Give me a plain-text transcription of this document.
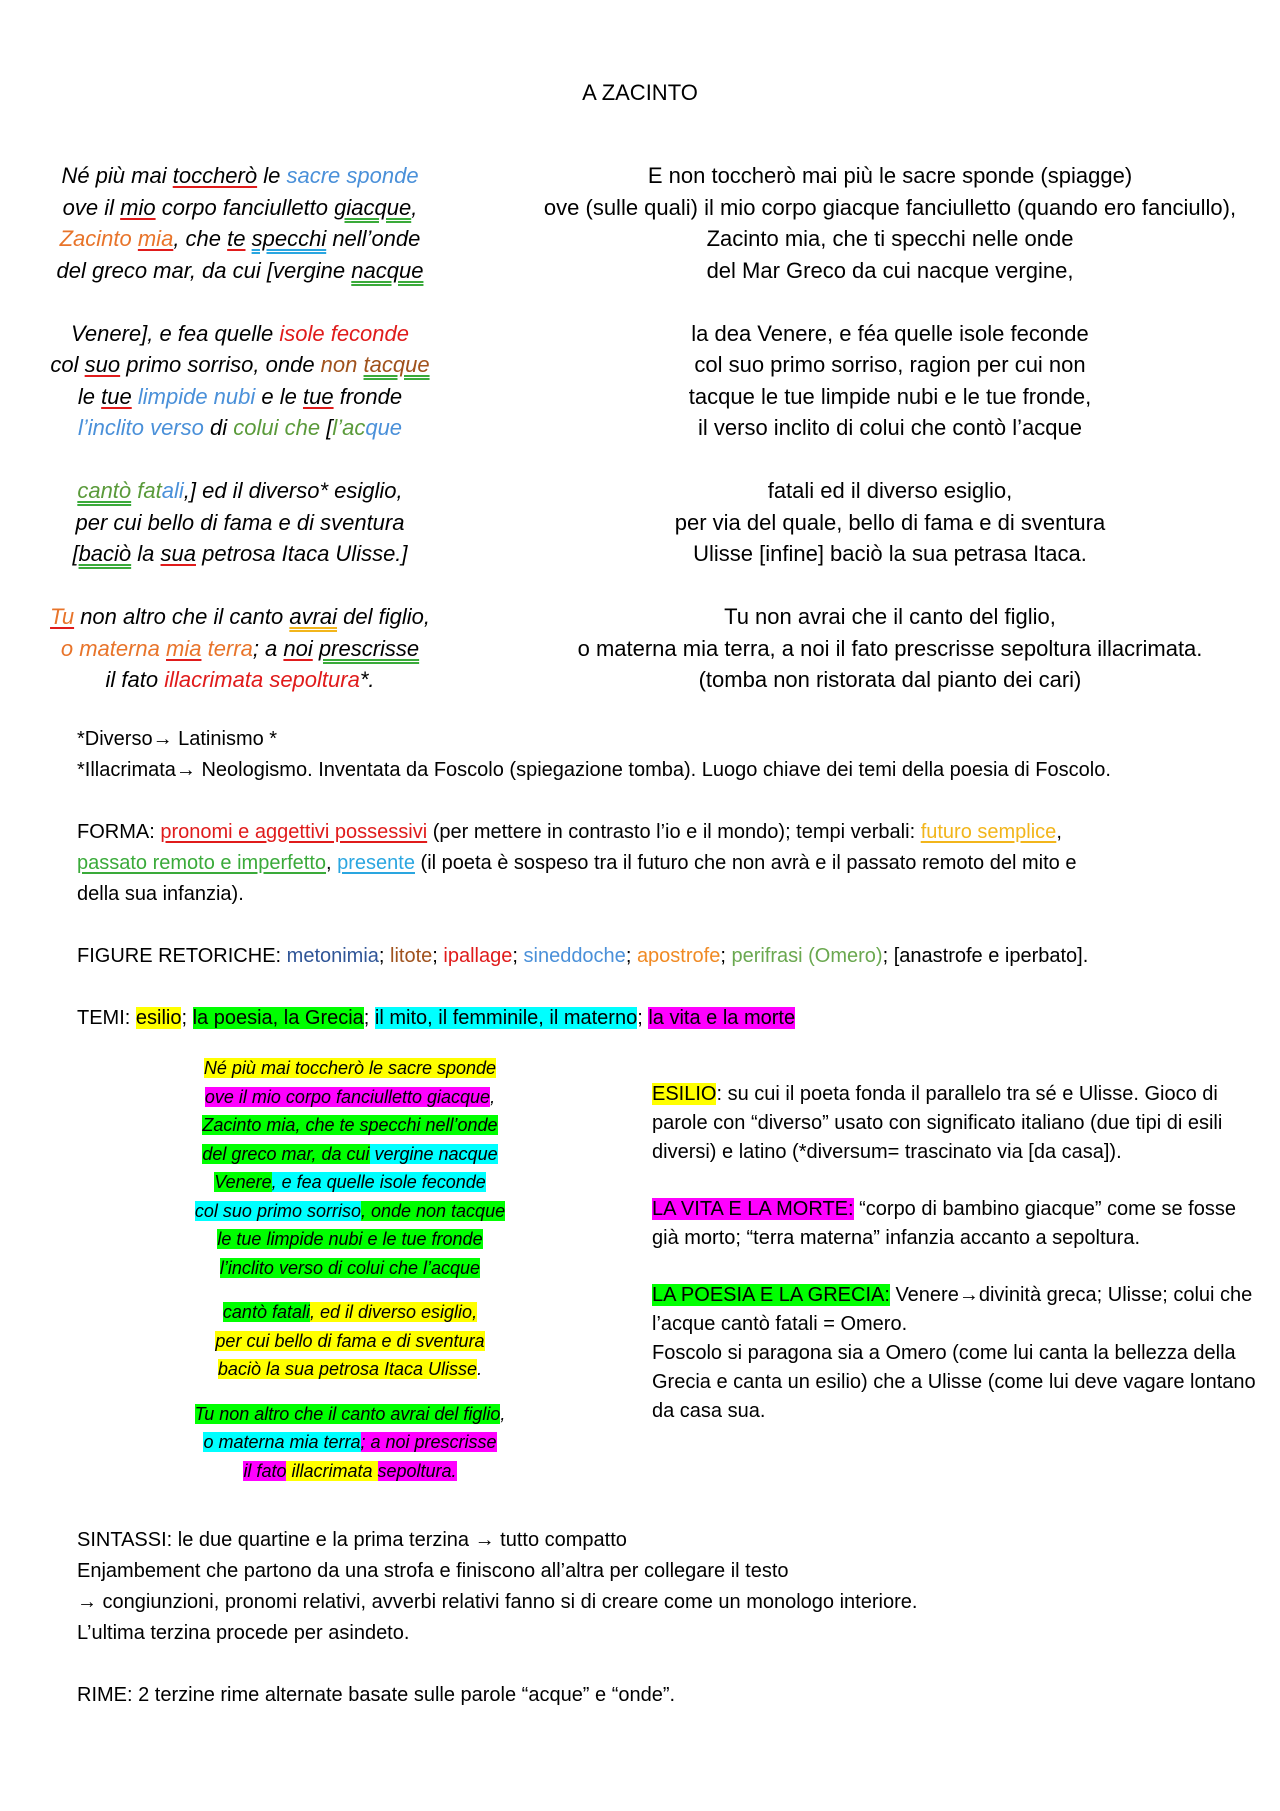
A ZACINTO
Né più mai toccherò le sacre sponde
ove il mio corpo fanciulletto giacque,
Zacinto mia, che te specchi nell’onde
del greco mar, da cui [vergine nacque
Venere], e fea quelle isole feconde
col suo primo sorriso, onde non tacque
le tue limpide nubi e le tue fronde
l’inclito verso di colui che [l’acque
cantò fatali,] ed il diverso* esiglio,
per cui bello di fama e di sventura
[baciò la sua petrosa Itaca Ulisse.]
Tu non altro che il canto avrai del figlio,
o materna mia terra; a noi prescrisse
il fato illacrimata sepoltura*.
E non toccherò mai più le sacre sponde (spiagge)
ove (sulle quali) il mio corpo giacque fanciulletto (quando ero fanciullo),
Zacinto mia, che ti specchi nelle onde
del Mar Greco da cui nacque vergine,
la dea Venere, e féa quelle isole feconde
col suo primo sorriso, ragion per cui non
tacque le tue limpide nubi e le tue fronde,
il verso inclito di colui che contò l’acque
fatali ed il diverso esiglio,
per via del quale, bello di fama e di sventura
Ulisse [infine] baciò la sua petrasa Itaca.
Tu non avrai che il canto del figlio,
o materna mia terra, a noi il fato prescrisse sepoltura illacrimata.
(tomba non ristorata dal pianto dei cari)
*Diverso→ Latinismo *
*Illacrimata→ Neologismo. Inventata da Foscolo (spiegazione tomba). Luogo chiave dei temi della poesia di Foscolo.
FORMA: pronomi e aggettivi possessivi (per mettere in contrasto l’io e il mondo); tempi verbali: futuro semplice,
passato remoto e imperfetto, presente (il poeta è sospeso tra il futuro che non avrà e il passato remoto del mito e
della sua infanzia).
FIGURE RETORICHE: metonimia; litote; ipallage; sineddoche; apostrofe; perifrasi (Omero); [anastrofe e iperbato].
TEMI: esilio; la poesia, la Grecia; il mito, il femminile, il materno; la vita e la morte
Né più mai toccherò le sacre sponde
ove il mio corpo fanciulletto giacque,
Zacinto mia, che te specchi nell’onde
del greco mar, da cui vergine nacque
Venere, e fea quelle isole feconde
col suo primo sorriso, onde non tacque
le tue limpide nubi e le tue fronde
l’inclito verso di colui che l’acque
cantò fatali, ed il diverso esiglio,
per cui bello di fama e di sventura
baciò la sua petrosa Itaca Ulisse.
Tu non altro che il canto avrai del figlio,
o materna mia terra; a noi prescrisse
il fato illacrimata sepoltura.
ESILIO: su cui il poeta fonda il parallelo tra sé e Ulisse. Gioco di parole con “diverso” usato con significato italiano (due tipi di esili diversi) e latino (*diversum= trascinato via [da casa]).
LA VITA E LA MORTE: “corpo di bambino giacque” come se fosse già morto; “terra materna” infanzia accanto a sepoltura.
LA POESIA E LA GRECIA: Venere→divinità greca; Ulisse; colui che l’acque cantò fatali = Omero.
Foscolo si paragona sia a Omero (come lui canta la bellezza della Grecia e canta un esilio) che a Ulisse (come lui deve vagare lontano da casa sua.
SINTASSI: le due quartine e la prima terzina → tutto compatto
Enjambement che partono da una strofa e finiscono all’altra per collegare il testo
→ congiunzioni, pronomi relativi, avverbi relativi fanno si di creare come un monologo interiore.
L’ultima terzina procede per asindeto.
RIME: 2 terzine rime alternate basate sulle parole “acque” e “onde”.
